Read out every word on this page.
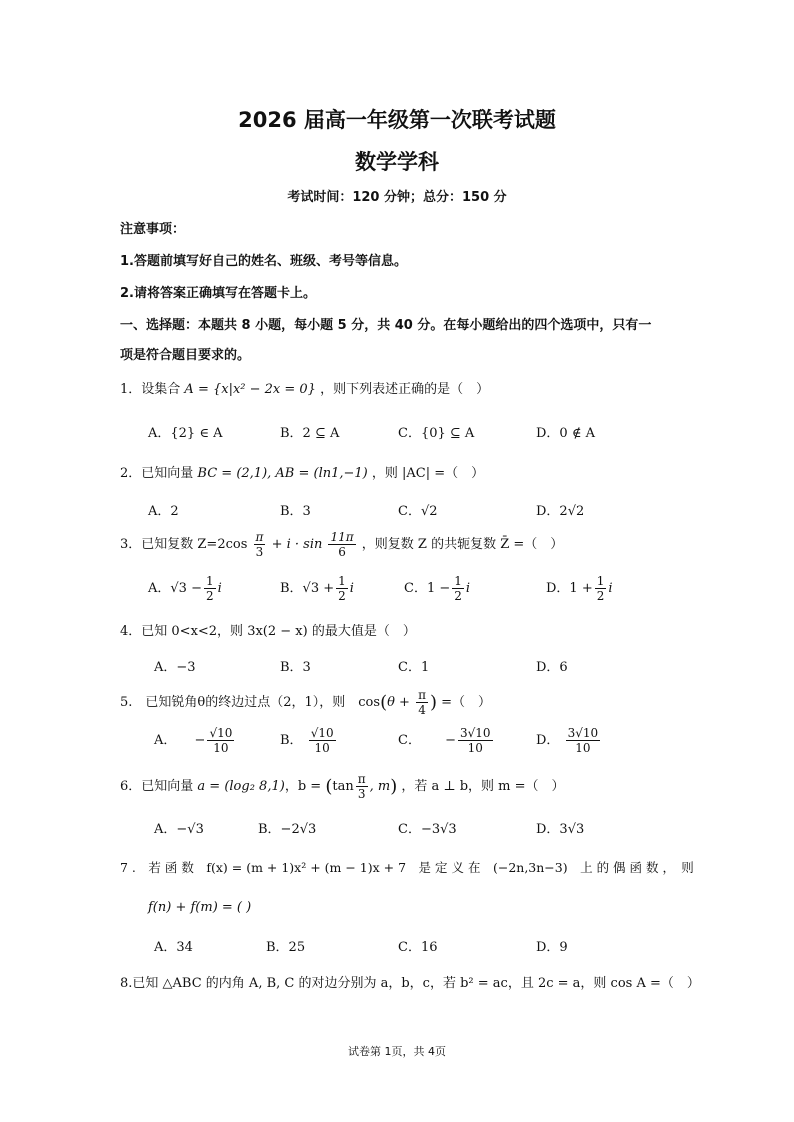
2026 届高一年级第一次联考试题
数学学科
考试时间：120 分钟；总分：150 分
注意事项：
1.答题前填写好自己的姓名、班级、考号等信息。
2.请将答案正确填写在答题卡上。
一、选择题：本题共 8 小题，每小题 5 分，共 40 分。在每小题给出的四个选项中，只有一
项是符合题目要求的。
1．设集合 A = {x|x² − 2x = 0} ，则下列表述正确的是（　）
A．{2} ∈ A	B．2 ⊆ A	C．{0} ⊆ A	D．0 ∉ A
2．已知向量 BC = (2,1), AB = (ln1,−1) ，则 |AC| =（　）
A．2	B．3	C．√2	D．2√2
3．已知复数 $Z=2\cos \frac{\pi}{3} + i \cdot \sin \frac{11\pi}{6}$ ，则复数 Z 的共轭复数 Z̄ =（　）
A．$√3 - \frac{1}{2}$ i	B．$√3 + \frac{1}{2}$ i	C．$1 - \frac{1}{2}$ i	D．$1 + \frac{1}{2}$ i
4．已知 0<x<2，则 3x(2 − x) 的最大值是（　）
A．−3	B．3	C．1	D．6
5.　已知锐角θ的终边过点（2，1），则　$\cos(\theta + \frac{\pi}{4}$ ) =（　）
A． − $\frac{√10}{10}$	B． $\frac{√10}{10}$	C． − $\frac{3√10}{10}$	D． $\frac{3√10}{10}$
6．已知向量 a = (log₂ 8,1)，$b = (\tan \frac{\pi}{3}$ , m) ，若 a ⊥ b，则 m =（　）
A．−√3	B．−2√3	C．−3√3	D．3√3
7 .　若 函 数　f(x) = (m + 1)x² + (m − 1)x + 7　是 定 义 在　(−2n,3n−3)　上 的 偶 函 数 ，　则
f(n) + f(m) = ( )
A．34	B．25	C．16	D．9
8.已知 △ABC 的内角 A, B, C 的对边分别为 a，b，c，若 b² = ac，且 2c = a，则 cos A =（　）
试卷第 1页，共 4页
